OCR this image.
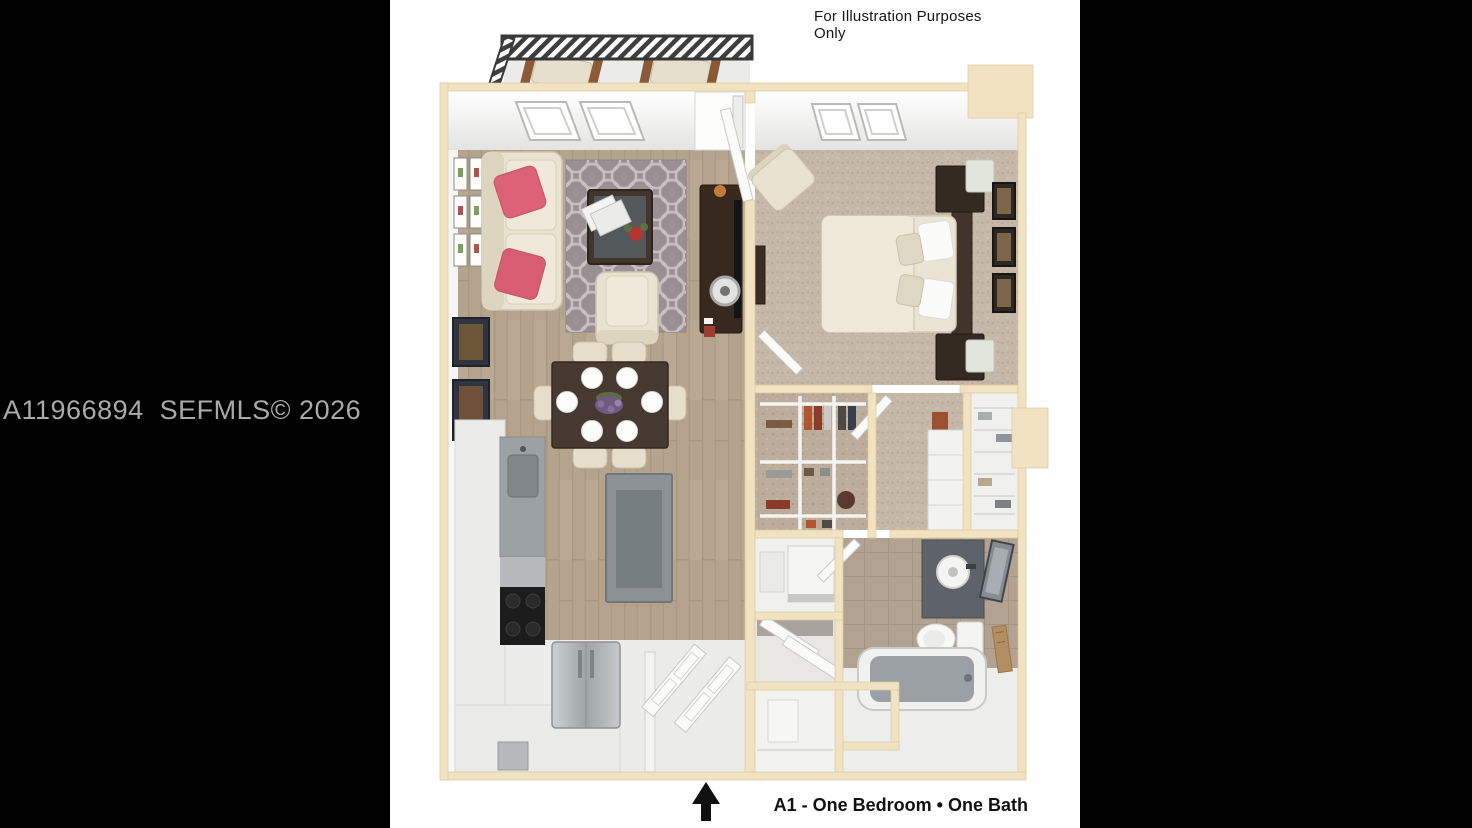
A11966894  SEFMLS© 2026
For Illustration Purposes Only
A1 - One Bedroom • One Bath
